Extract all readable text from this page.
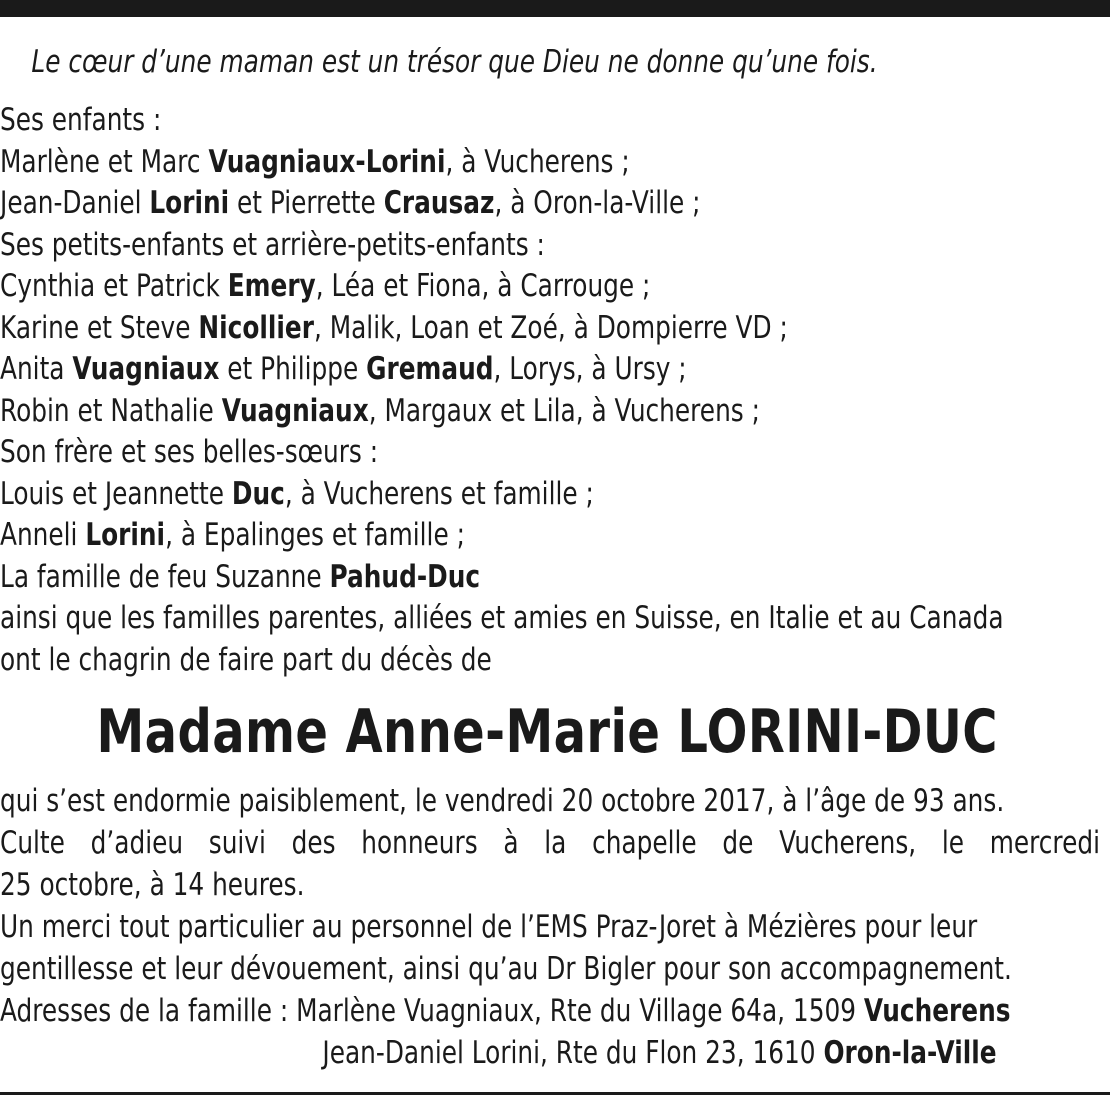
Le cœur d’une maman est un trésor que Dieu ne donne qu’une fois.
Ses enfants :
Marlène et Marc Vuagniaux-Lorini, à Vucherens ;
Jean-Daniel Lorini et Pierrette Crausaz, à Oron-la-Ville ;
Ses petits-enfants et arrière-petits-enfants :
Cynthia et Patrick Emery, Léa et Fiona, à Carrouge ;
Karine et Steve Nicollier, Malik, Loan et Zoé, à Dompierre VD ;
Anita Vuagniaux et Philippe Gremaud, Lorys, à Ursy ;
Robin et Nathalie Vuagniaux, Margaux et Lila, à Vucherens ;
Son frère et ses belles-sœurs :
Louis et Jeannette Duc, à Vucherens et famille ;
Anneli Lorini, à Epalinges et famille ;
La famille de feu Suzanne Pahud-Duc
ainsi que les familles parentes, alliées et amies en Suisse, en Italie et au Canada
ont le chagrin de faire part du décès de
Madame Anne-Marie LORINI-DUC
qui s’est endormie paisiblement, le vendredi 20 octobre 2017, à l’âge de 93 ans.
Culte d’adieu suivi des honneurs à la chapelle de Vucherens, le mercredi
25 octobre, à 14 heures.
Un merci tout particulier au personnel de l’EMS Praz-Joret à Mézières pour leur
gentillesse et leur dévouement, ainsi qu’au Dr Bigler pour son accompagnement.
Adresses de la famille : Marlène Vuagniaux, Rte du Village 64a, 1509 Vucherens
Jean-Daniel Lorini, Rte du Flon 23, 1610 Oron-la-Ville
